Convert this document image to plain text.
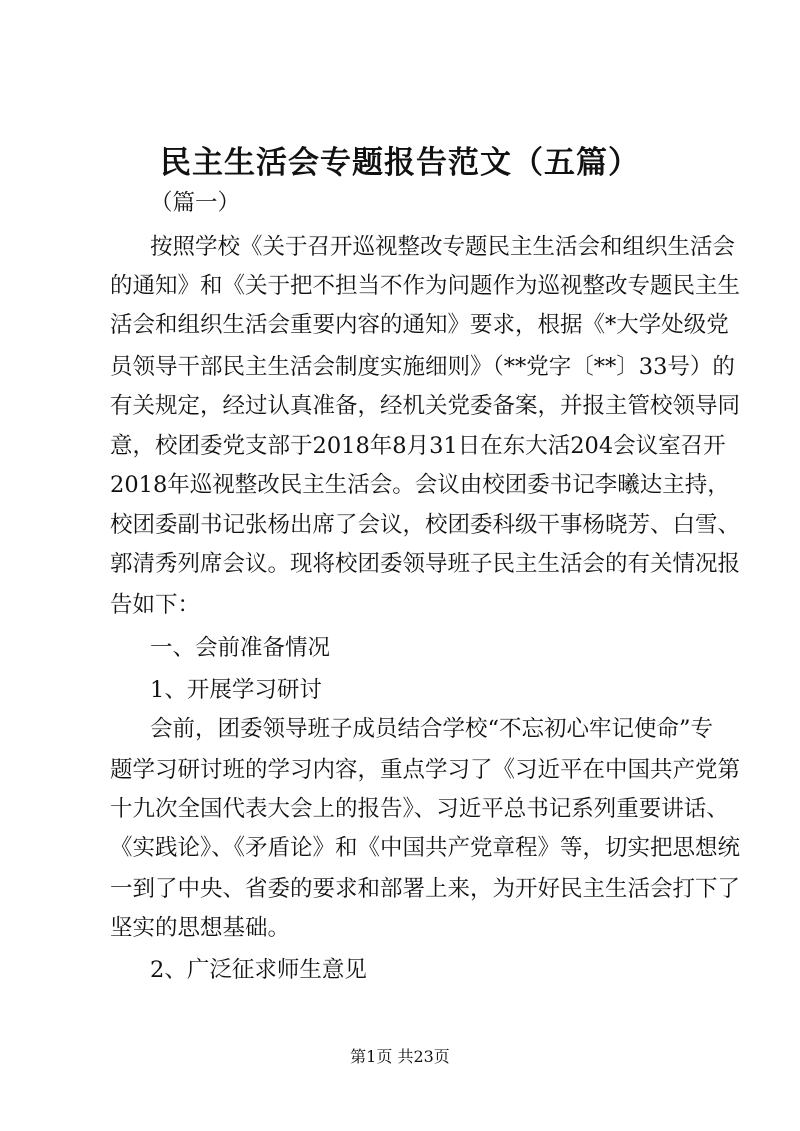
民主生活会专题报告范文（五篇）
（篇一）
按照学校《关于召开巡视整改专题民主生活会和组织生活会
的通知》和《关于把不担当不作为问题作为巡视整改专题民主生
活会和组织生活会重要内容的通知》要求，根据《*大学处级党
员领导干部民主生活会制度实施细则》（**党字〔**〕33号）的
有关规定，经过认真准备，经机关党委备案，并报主管校领导同
意，校团委党支部于2018年8月31日在东大活204会议室召开
2018年巡视整改民主生活会。会议由校团委书记李曦达主持，
校团委副书记张杨出席了会议，校团委科级干事杨晓芳、白雪、
郭清秀列席会议。现将校团委领导班子民主生活会的有关情况报
告如下：
一、会前准备情况
1、开展学习研讨
会前，团委领导班子成员结合学校“不忘初心牢记使命”专
题学习研讨班的学习内容，重点学习了《习近平在中国共产党第
十九次全国代表大会上的报告》、习近平总书记系列重要讲话、
《实践论》、《矛盾论》和《中国共产党章程》等，切实把思想统
一到了中央、省委的要求和部署上来，为开好民主生活会打下了
坚实的思想基础。
2、广泛征求师生意见
第1页 共23页
